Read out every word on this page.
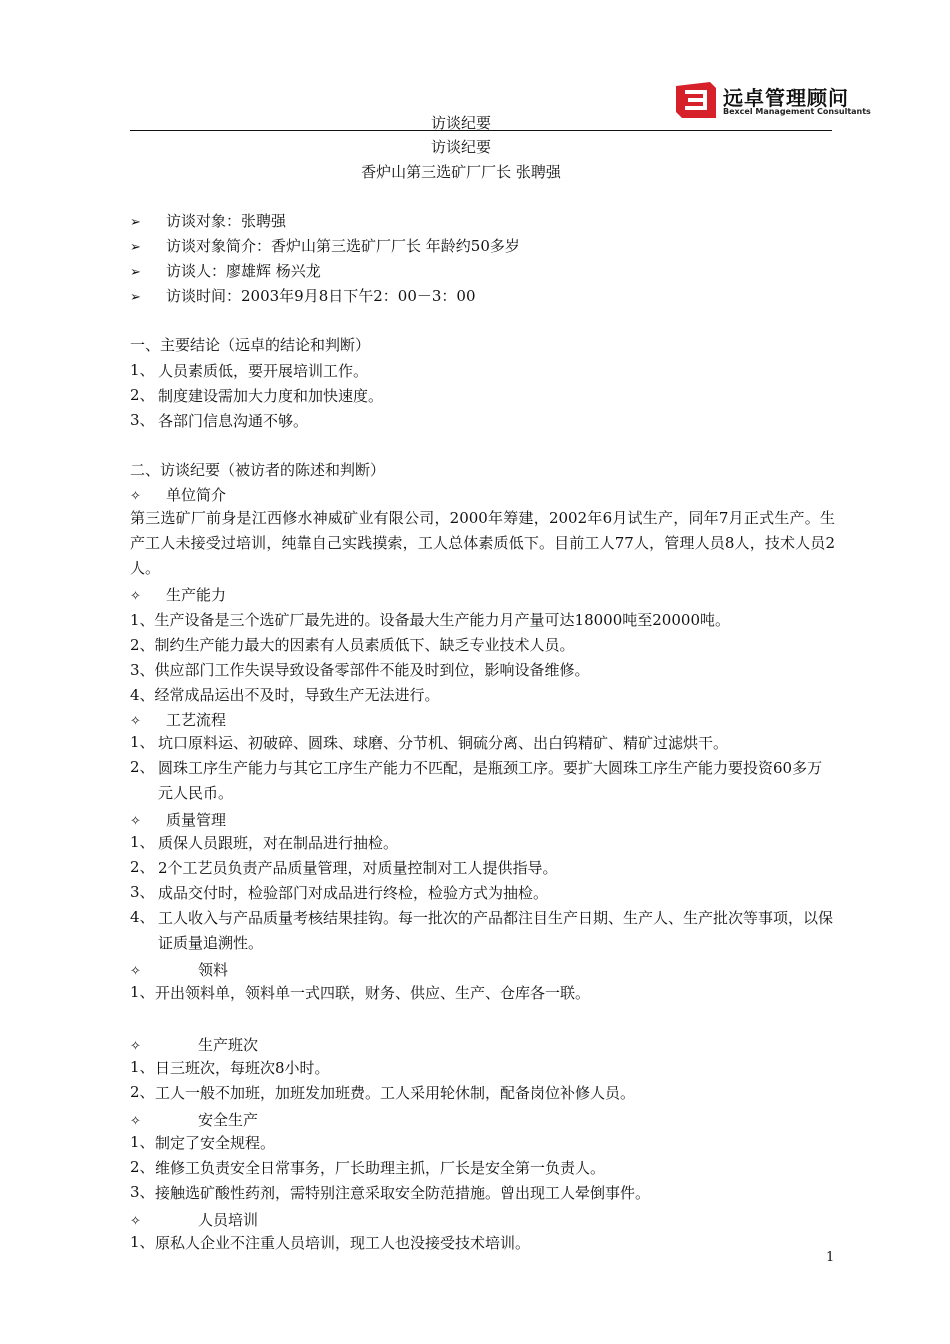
远卓管理顾问
Bexcel Management Consultants
访谈纪要
访谈纪要
香炉山第三选矿厂厂长 张聘强
➢ 访谈对象：张聘强
➢ 访谈对象简介：香炉山第三选矿厂厂长 年龄约50多岁
➢ 访谈人：廖雄辉 杨兴龙
➢ 访谈时间：2003年9月8日下午2：00－3：00
一、主要结论（远卓的结论和判断）
1、 人员素质低，要开展培训工作。
2、 制度建设需加大力度和加快速度。
3、 各部门信息沟通不够。
二、访谈纪要（被访者的陈述和判断）
✧ 单位简介
第三选矿厂前身是江西修水神威矿业有限公司，2000年筹建，2002年6月试生产，同年7月正式生产。生产工人未接受过培训，纯靠自己实践摸索，工人总体素质低下。目前工人77人，管理人员8人，技术人员2人。
✧ 生产能力
1、生产设备是三个选矿厂最先进的。设备最大生产能力月产量可达18000吨至20000吨。
2、制约生产能力最大的因素有人员素质低下、缺乏专业技术人员。
3、供应部门工作失误导致设备零部件不能及时到位，影响设备维修。
4、经常成品运出不及时，导致生产无法进行。
✧ 工艺流程
1、 坑口原料运、初破碎、圆珠、球磨、分节机、铜硫分离、出白钨精矿、精矿过滤烘干。
2、 圆珠工序生产能力与其它工序生产能力不匹配，是瓶颈工序。要扩大圆珠工序生产能力要投资60多万元人民币。
✧ 质量管理
1、 质保人员跟班，对在制品进行抽检。
2、 2个工艺员负责产品质量管理，对质量控制对工人提供指导。
3、 成品交付时，检验部门对成品进行终检，检验方式为抽检。
4、 工人收入与产品质量考核结果挂钩。每一批次的产品都注目生产日期、生产人、生产批次等事项，以保证质量追溯性。
✧	领料
1、 开出领料单，领料单一式四联，财务、供应、生产、仓库各一联。
✧	生产班次
1、 日三班次，每班次8小时。
2、 工人一般不加班，加班发加班费。工人采用轮休制，配备岗位补修人员。
✧	安全生产
1、 制定了安全规程。
2、 维修工负责安全日常事务，厂长助理主抓，厂长是安全第一负责人。
3、 接触选矿酸性药剂，需特别注意采取安全防范措施。曾出现工人晕倒事件。
✧	人员培训
1、 原私人企业不注重人员培训，现工人也没接受技术培训。
1
